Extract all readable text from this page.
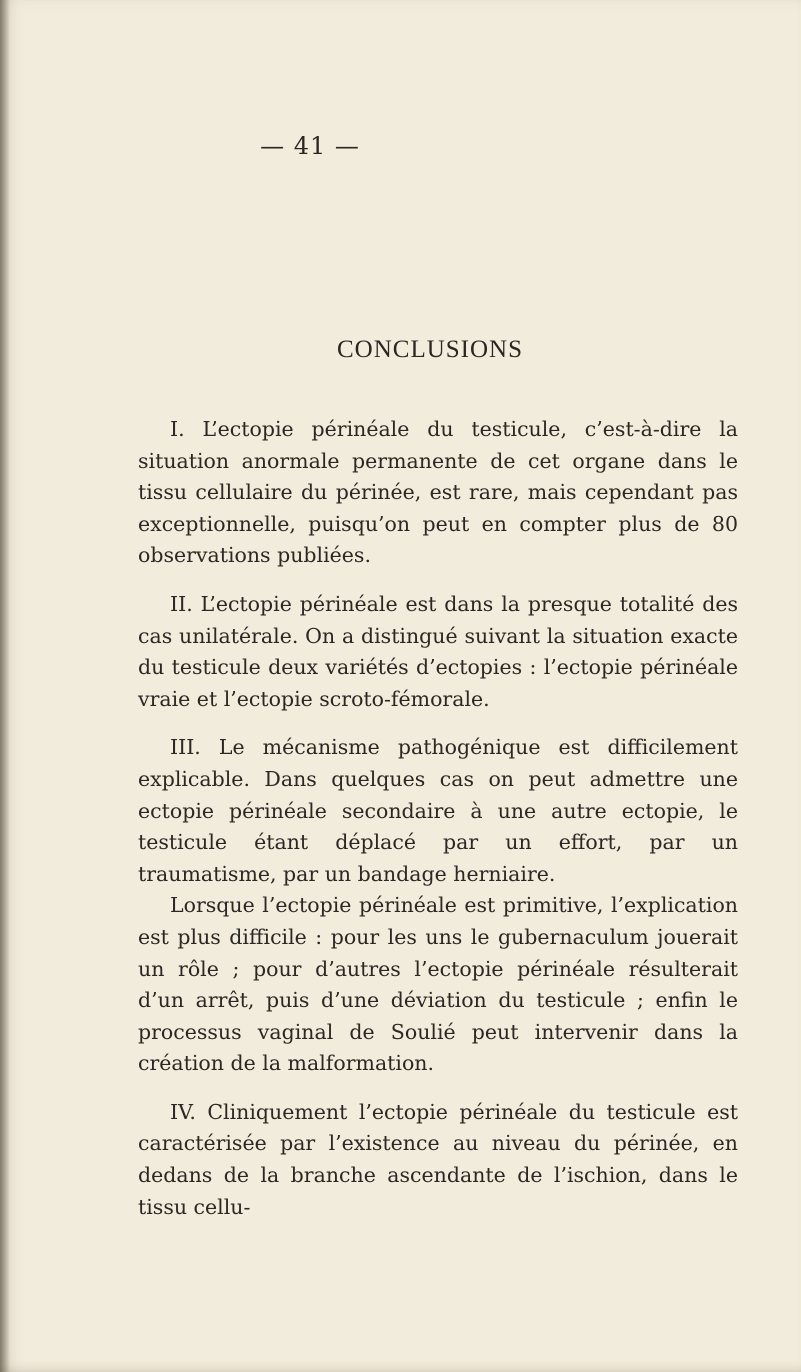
— 41 —
CONCLUSIONS

I. L’ectopie périnéale du testicule, c’est-à-dire la situation anormale permanente de cet organe dans le tissu cellulaire du périnée, est rare, mais cependant pas exceptionnelle, puisqu’on peut en compter plus de 80 observations publiées.

II. L’ectopie périnéale est dans la presque totalité des cas unilatérale. On a distingué suivant la situation exacte du testicule deux variétés d’ectopies : l’ectopie périnéale vraie et l’ectopie scroto-fémorale.

III. Le mécanisme pathogénique est difficilement explicable. Dans quelques cas on peut admettre une ectopie périnéale secondaire à une autre ectopie, le testicule étant déplacé par un effort, par un traumatisme, par un bandage herniaire.

Lorsque l’ectopie périnéale est primitive, l’explication est plus difficile : pour les uns le gubernaculum jouerait un rôle ; pour d’autres l’ectopie périnéale résulterait d’un arrêt, puis d’une déviation du testicule ; enfin le processus vaginal de Soulié peut intervenir dans la création de la malformation.

IV. Cliniquement l’ectopie périnéale du testicule est caractérisée par l’existence au niveau du périnée, en dedans de la branche ascendante de l’ischion, dans le tissu cellu-
